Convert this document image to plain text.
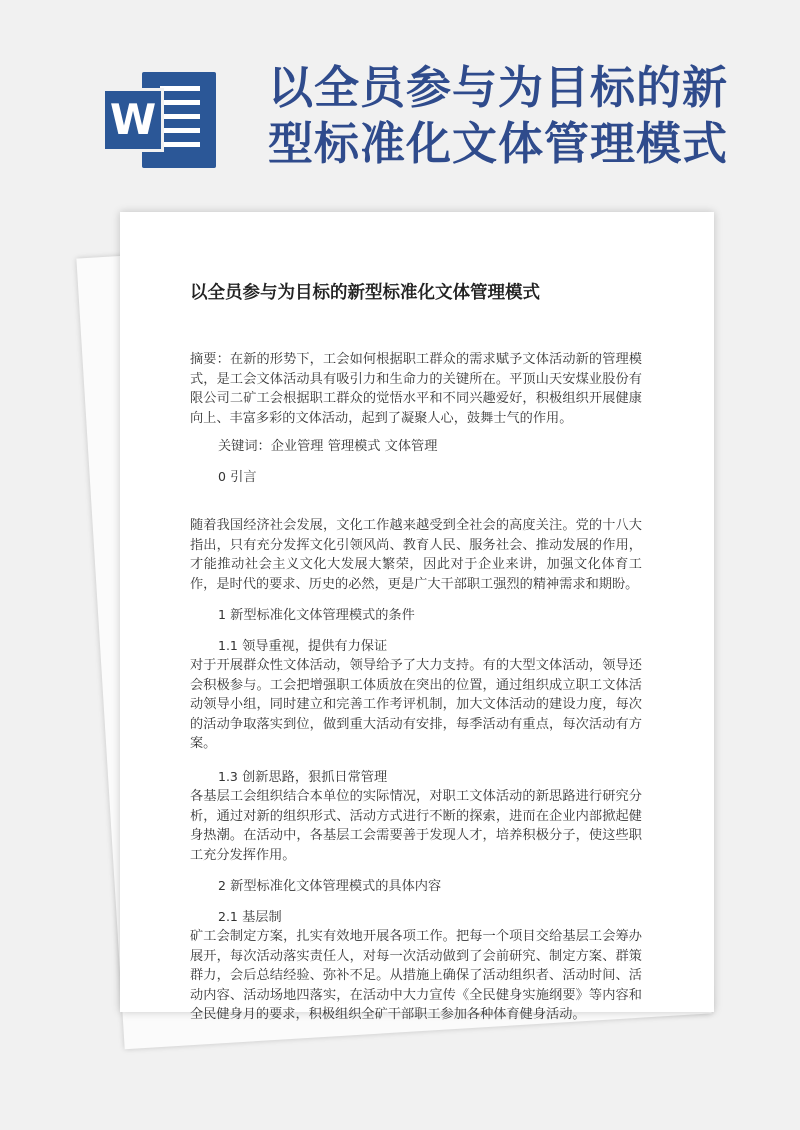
W
以全员参与为目标的新
型标准化文体管理模式
以全员参与为目标的新型标准化文体管理模式

摘要：在新的形势下，工会如何根据职工群众的需求赋予文体活动新的管理模式，是工会文体活动具有吸引力和生命力的关键所在。平顶山天安煤业股份有限公司二矿工会根据职工群众的觉悟水平和不同兴趣爱好，积极组织开展健康向上、丰富多彩的文体活动，起到了凝聚人心，鼓舞士气的作用。

关键词：企业管理 管理模式 文体管理

0 引言

随着我国经济社会发展，文化工作越来越受到全社会的高度关注。党的十八大指出，只有充分发挥文化引领风尚、教育人民、服务社会、推动发展的作用，才能推动社会主义文化大发展大繁荣，因此对于企业来讲，加强文化体育工作，是时代的要求、历史的必然，更是广大干部职工强烈的精神需求和期盼。

1 新型标准化文体管理模式的条件

1.1 领导重视，提供有力保证

对于开展群众性文体活动，领导给予了大力支持。有的大型文体活动，领导还会积极参与。工会把增强职工体质放在突出的位置，通过组织成立职工文体活动领导小组，同时建立和完善工作考评机制，加大文体活动的建设力度，每次的活动争取落实到位，做到重大活动有安排，每季活动有重点，每次活动有方案。

1.3 创新思路，狠抓日常管理

各基层工会组织结合本单位的实际情况，对职工文体活动的新思路进行研究分析，通过对新的组织形式、活动方式进行不断的探索，进而在企业内部掀起健身热潮。在活动中，各基层工会需要善于发现人才，培养积极分子，使这些职工充分发挥作用。

2 新型标准化文体管理模式的具体内容

2.1 基层制

矿工会制定方案，扎实有效地开展各项工作。把每一个项目交给基层工会筹办展开，每次活动落实责任人，对每一次活动做到了会前研究、制定方案、群策群力，会后总结经验、弥补不足。从措施上确保了活动组织者、活动时间、活动内容、活动场地四落实，在活动中大力宣传《全民健身实施纲要》等内容和全民健身月的要求，积极组织全矿干部职工参加各种体育健身活动。
